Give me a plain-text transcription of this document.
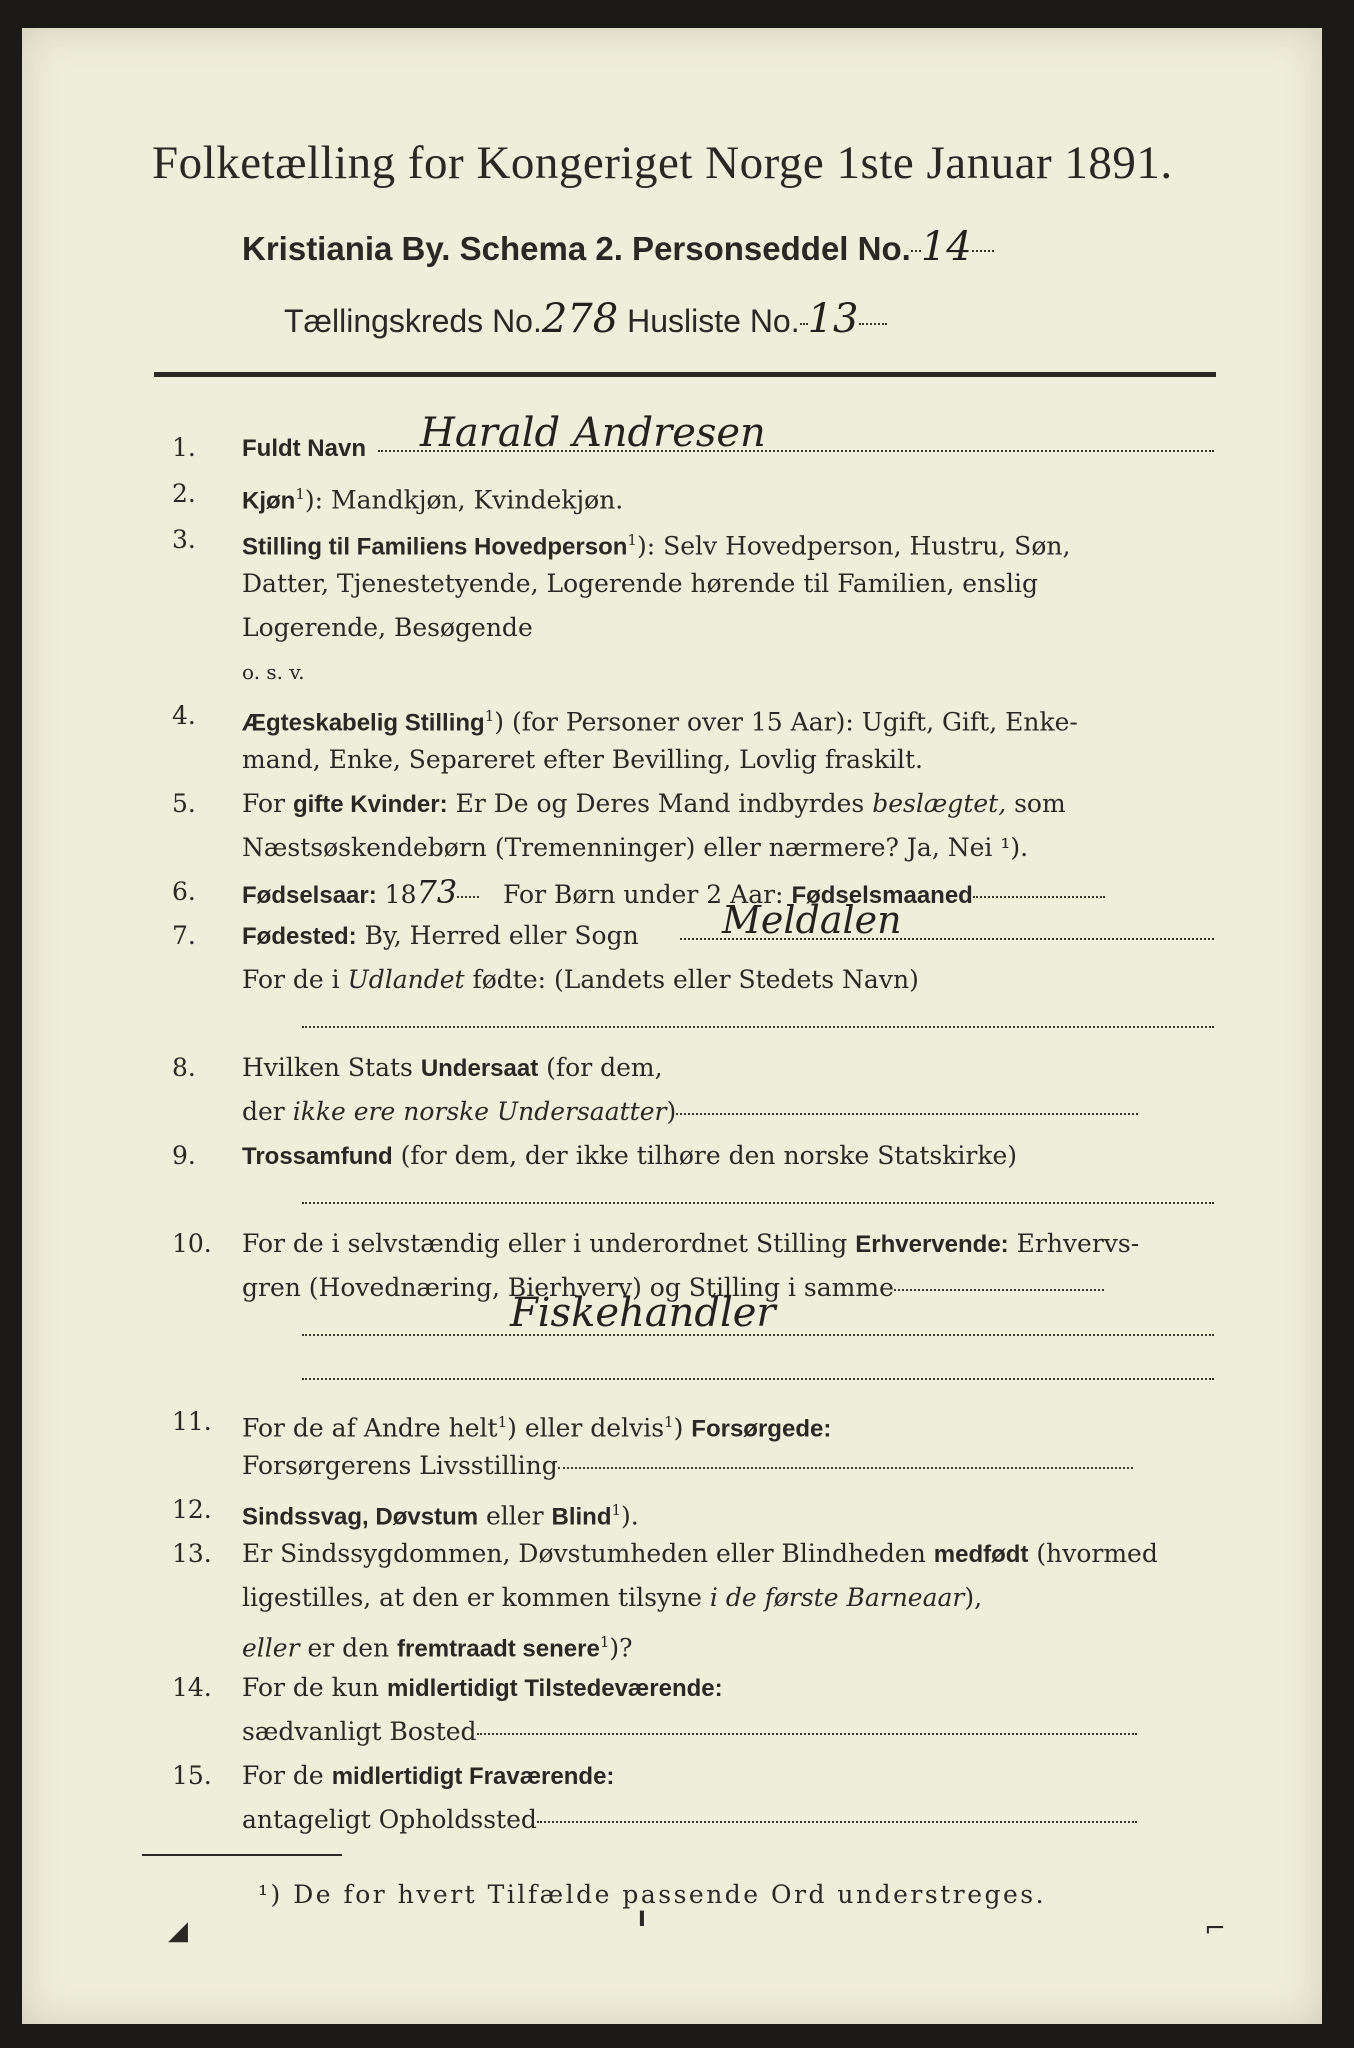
Folketælling for Kongeriget Norge 1ste Januar 1891.
Kristiania By. Schema 2. Personseddel No. 14
Tællingskreds No.278 Husliste No. 13
1.	Fuldt Navn	Harald Andresen
2.	Kjøn$^1$): Mandkjøn, Kvindekjøn.
3.	Stilling til Familiens Hovedperson$^1$): Selv Hovedperson, Hustru, Søn,
Datter, Tjenestetyende, Logerende hørende til Familien, enslig
Logerende, Besøgende
o. s. v.
4.	Ægteskabelig Stilling$^1$) (for Personer over 15 Aar): Ugift, Gift, Enke-
mand, Enke, Separeret efter Bevilling, Lovlig fraskilt.
5.	For gifte Kvinder: Er De og Deres Mand indbyrdes beslægtet, som
Næstsøskendebørn (Tremenninger) eller nærmere? Ja, Nei ¹).
6.	Fødselsaar: 1873 For Børn under 2 Aar: Fødselsmaaned
7.	Fødested: By, Herred eller Sogn	Meldalen
For de i Udlandet fødte: (Landets eller Stedets Navn)
8.	Hvilken Stats Undersaat (for dem,
der ikke ere norske Undersaatter)
9.	Trossamfund (for dem, der ikke tilhøre den norske Statskirke)
10.	For de i selvstændig eller i underordnet Stilling Erhvervende: Erhvervs-
gren (Hovednæring, Bierhverv) og Stilling i samme
Fiskehandler
11.	For de af Andre helt$^1$) eller delvis$^1$) Forsørgede:
Forsørgerens Livsstilling
12.	Sindssvag, Døvstum eller Blind$^1$).
13.	Er Sindssygdommen, Døvstumheden eller Blindheden medfødt (hvormed
ligestilles, at den er kommen tilsyne i de første Barneaar),
eller er den fremtraadt senere$^1$)?
14.	For de kun midlertidigt Tilstedeværende:
sædvanligt Bosted
15.	For de midlertidigt Fraværende:
antageligt Opholdssted
¹) De for hvert Tilfælde passende Ord understreges.
◢	╹	⌐
